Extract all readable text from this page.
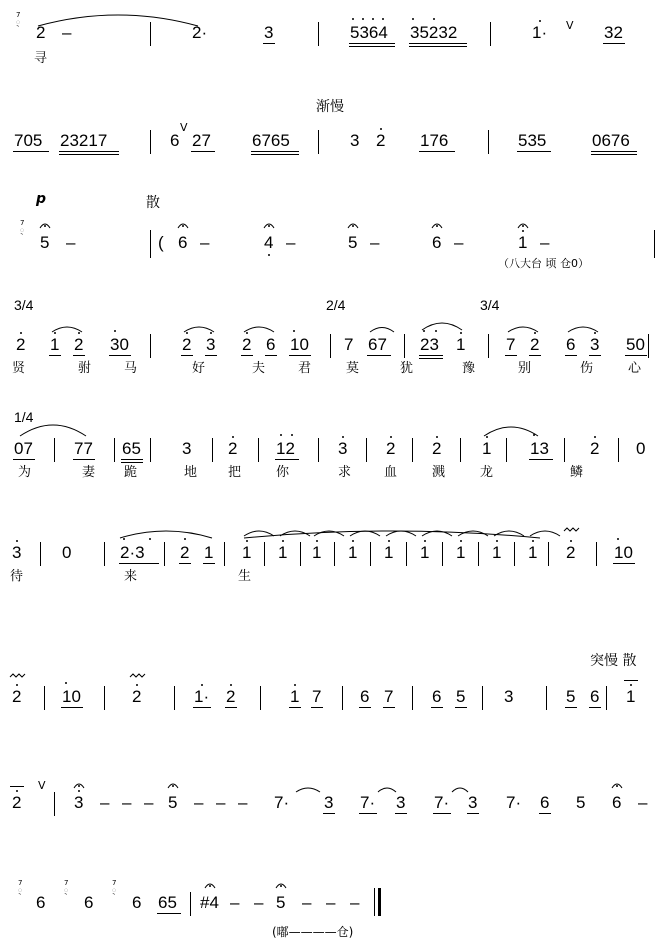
7
ᢩ
2 –	2·	3	5364 35232	1· V 32
寻
渐慢
705 23217	6
V
27 6765	3 2 176	535	0676
p	散
7
ᢩ
5 –	( 6 –	4 –	5 –	6 –	1 –
（八大台 顷 仓0）
3/4	2/4	3/4
2 1 2 30	2 3 2 6 10 7 67 23 1 7 2 6 3 50
贤	驸	马	好	夫	君	莫	犹	豫	别	伤	心
1/4
07 77 65 3 2 12	3 2 2 1 13 2 0
为	妻 跪	地 把	你	求	血	溅	龙	鳞
3 0	2·3 2 1 1 1 1 1 1 1 1 1 1 2 10
待	来	生
突慢 散
2 10	2	1· 2	1 7 6 7 6 5 3	5 6 1
2
V
3 – – – 5 – – – 7· 3 7· 3 7· 3 7· 6 5 6 –
7
ᢩ
6
7
ᢩ
6
7
ᢩ
6 65 #4 – – 5 – – –
(嘟————仓)
